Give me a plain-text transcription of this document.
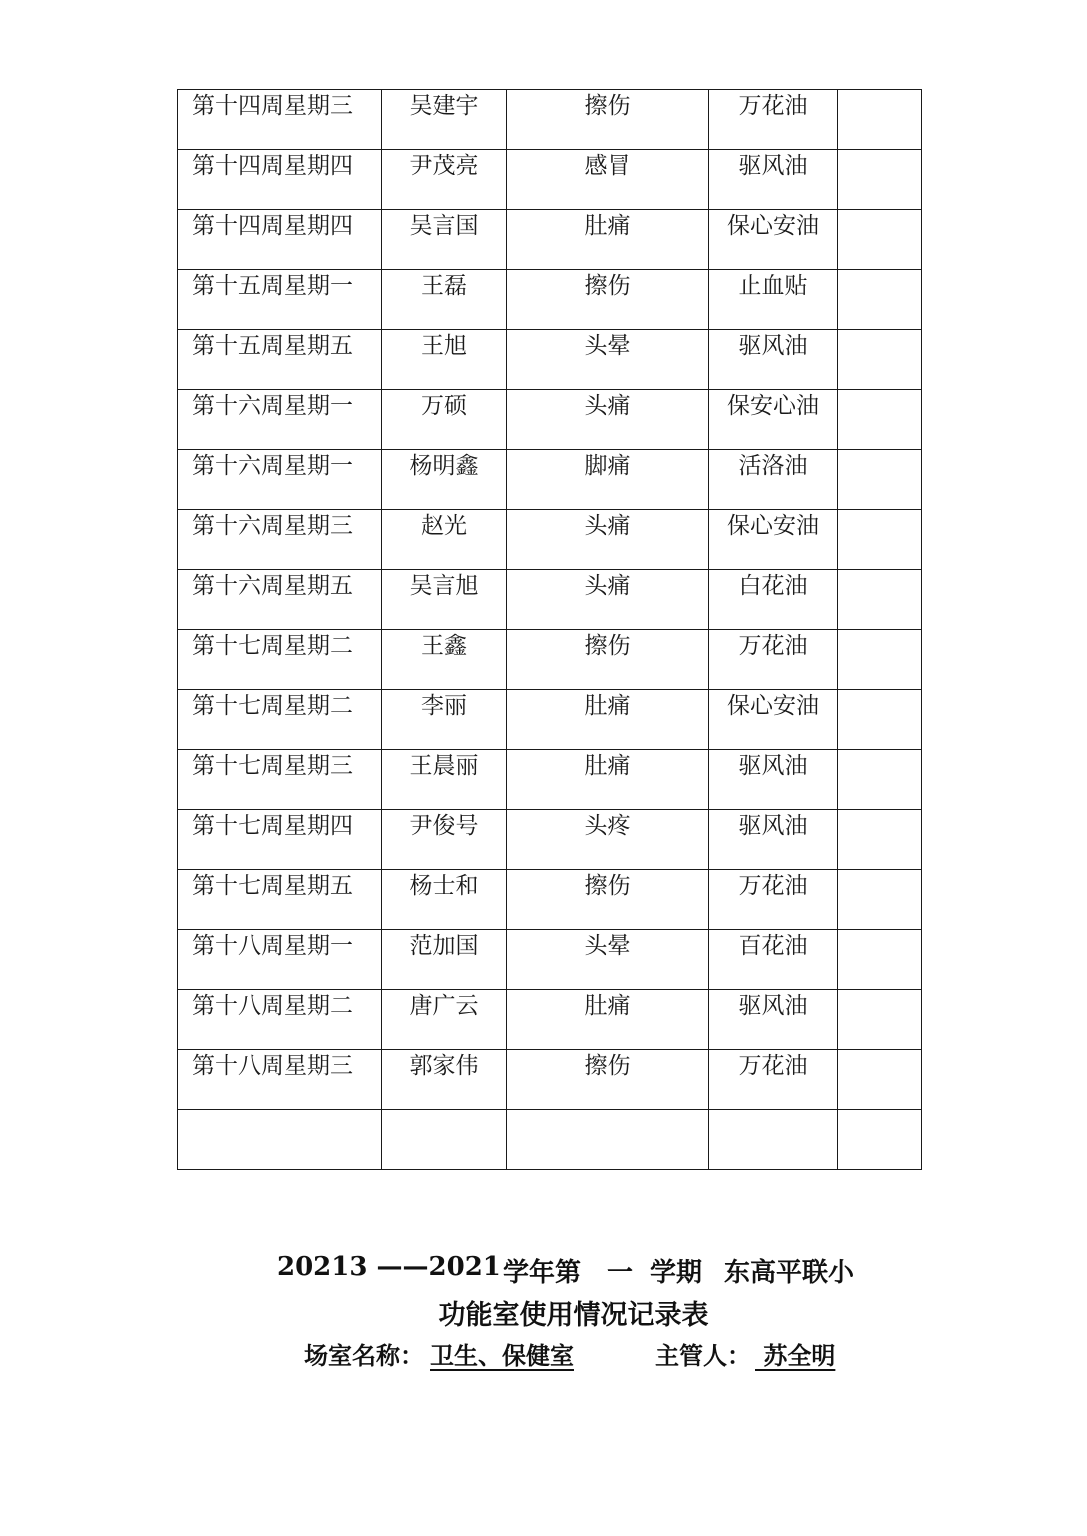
第十四周星期三	吴建宇	擦伤	万花油	

第十四周星期四	尹茂亮	感冒	驱风油	

第十四周星期四	吴言国	肚痛	保心安油	

第十五周星期一	王磊	擦伤	止血贴	

第十五周星期五	王旭	头晕	驱风油	

第十六周星期一	万硕	头痛	保安心油	

第十六周星期一	杨明鑫	脚痛	活洛油	

第十六周星期三	赵光	头痛	保心安油	

第十六周星期五	吴言旭	头痛	白花油	

第十七周星期二	王鑫	擦伤	万花油	

第十七周星期二	李丽	肚痛	保心安油	

第十七周星期三	王晨丽	肚痛	驱风油	

第十七周星期四	尹俊号	头疼	驱风油	

第十七周星期五	杨士和	擦伤	万花油	

第十八周星期一	范加国	头晕	百花油	

第十八周星期二	唐广云	肚痛	驱风油	

第十八周星期三	郭家伟	擦伤	万花油	

20213 ——2021 学年第 一 学期 东高平联小
功能室使用情况记录表
场室名称： 卫生、保健室	主管人： 苏全明
